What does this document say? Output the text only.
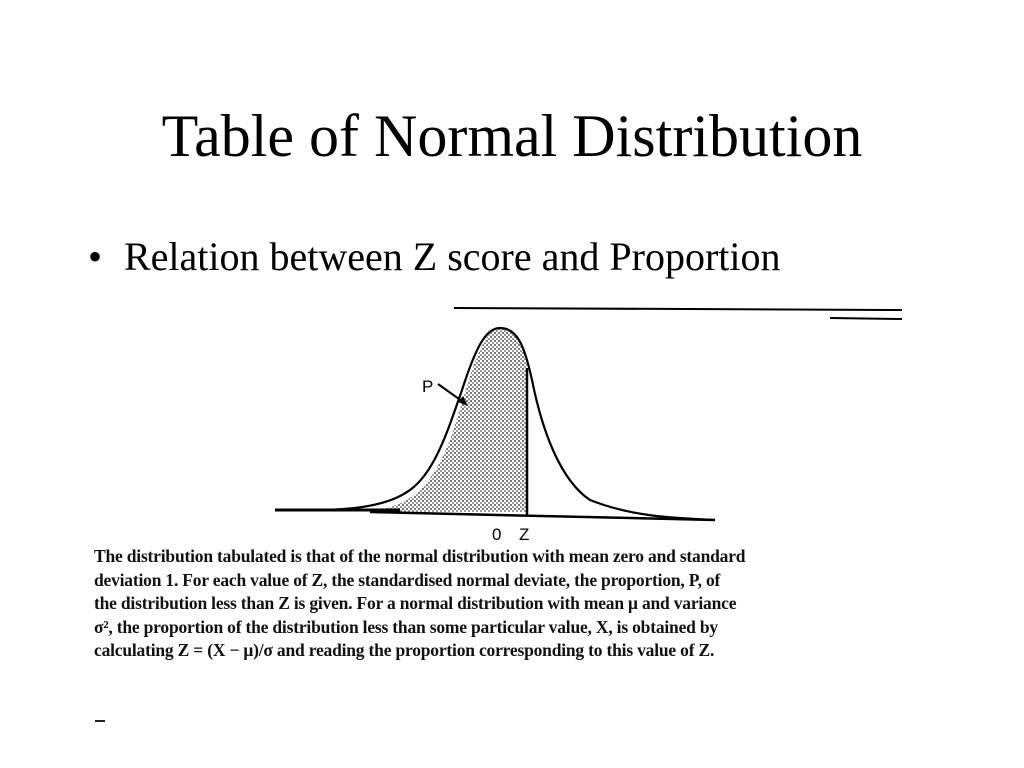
Table of Normal Distribution
• Relation between Z score and Proportion
P
0 Z
The distribution tabulated is that of the normal distribution with mean zero and standard
deviation 1. For each value of Z, the standardised normal deviate, the proportion, P, of
the distribution less than Z is given. For a normal distribution with mean μ and variance
σ², the proportion of the distribution less than some particular value, X, is obtained by
calculating Z = (X − μ)/σ and reading the proportion corresponding to this value of Z.
